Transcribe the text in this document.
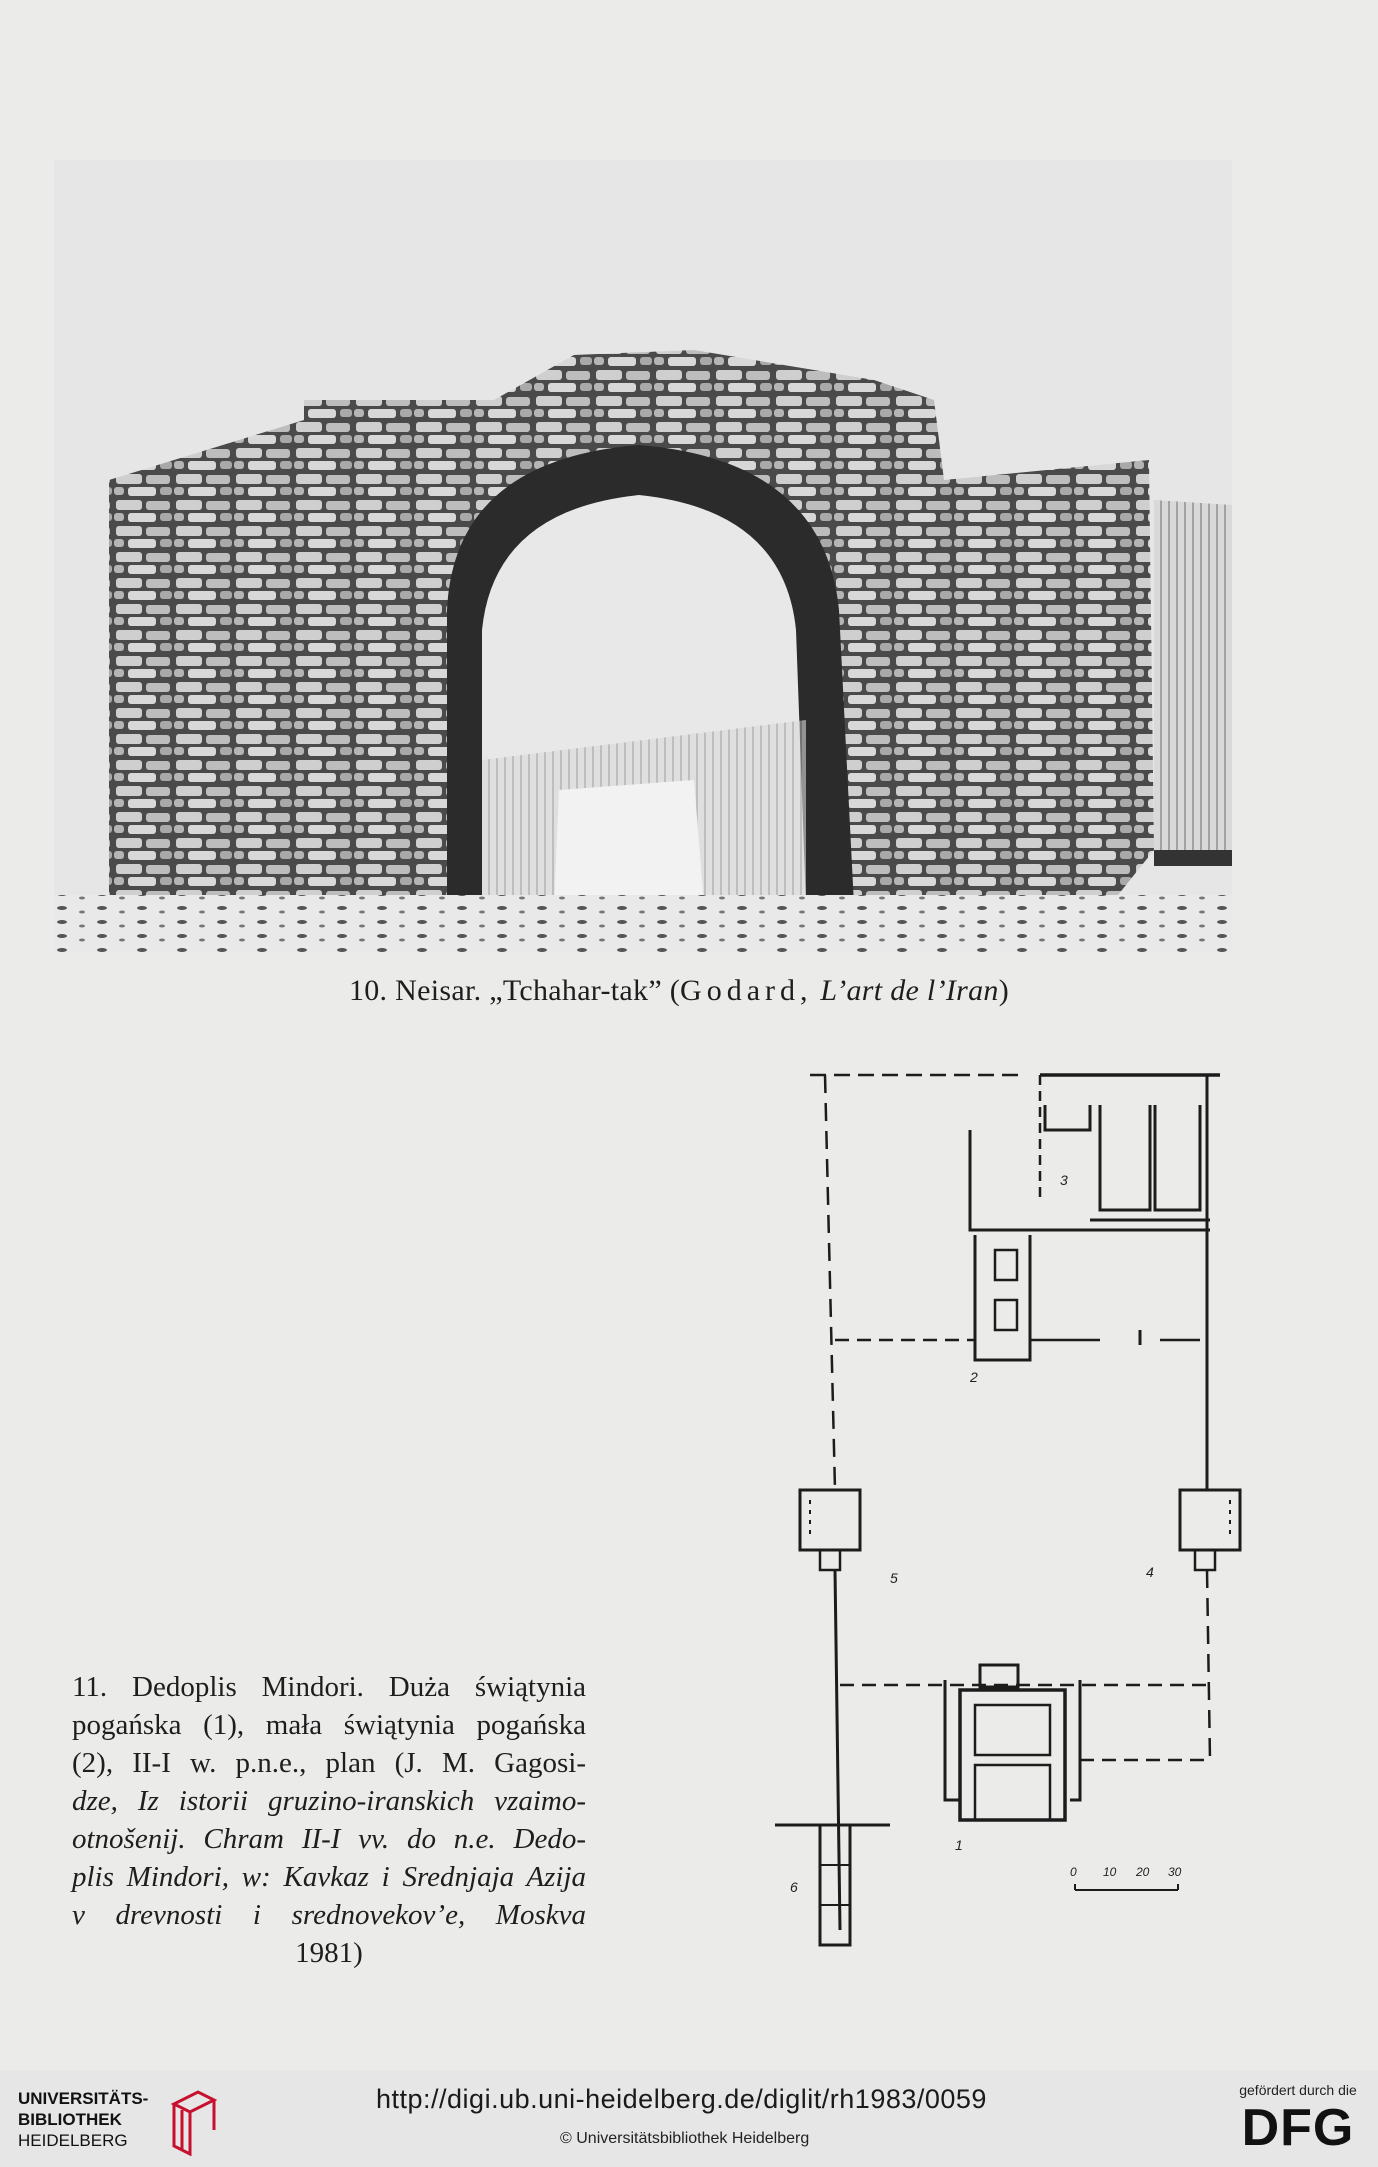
10. Neisar. „Tchahar-tak” (Godard, L’art de l’Iran)
1
2
3
4
5
6
0 10 20 30
11. Dedoplis Mindori. Duża świątynia
pogańska (1), mała świątynia pogańska
(2), II-I w. p.n.e., plan (J. M. Gagosi-
dze, Iz istorii gruzino-iranskich vzaimo-
otnošenij. Chram II-I vv. do n.e. Dedo-
plis Mindori, w: Kavkaz i Srednjaja Azija
v drevnosti i srednovekov’e, Moskva
1981)
UNIVERSITÄTS-
BIBLIOTHEK
HEIDELBERG
http://digi.ub.uni-heidelberg.de/diglit/rh1983/0059
© Universitätsbibliothek Heidelberg
gefördert durch die
DFG
